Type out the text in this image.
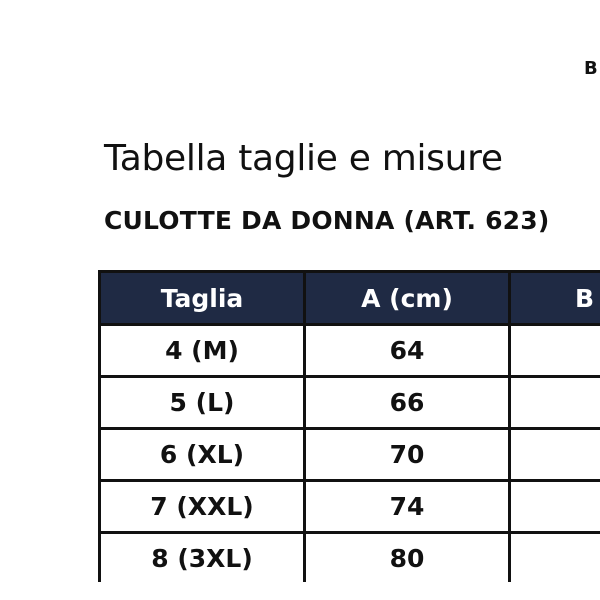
B
Tabella taglie e misure
CULOTTE DA DONNA (ART. 623)
Taglia	A (cm)	B
4 (M)	64	
5 (L)	66	
6 (XL)	70	
7 (XXL)	74	
8 (3XL)	80	
